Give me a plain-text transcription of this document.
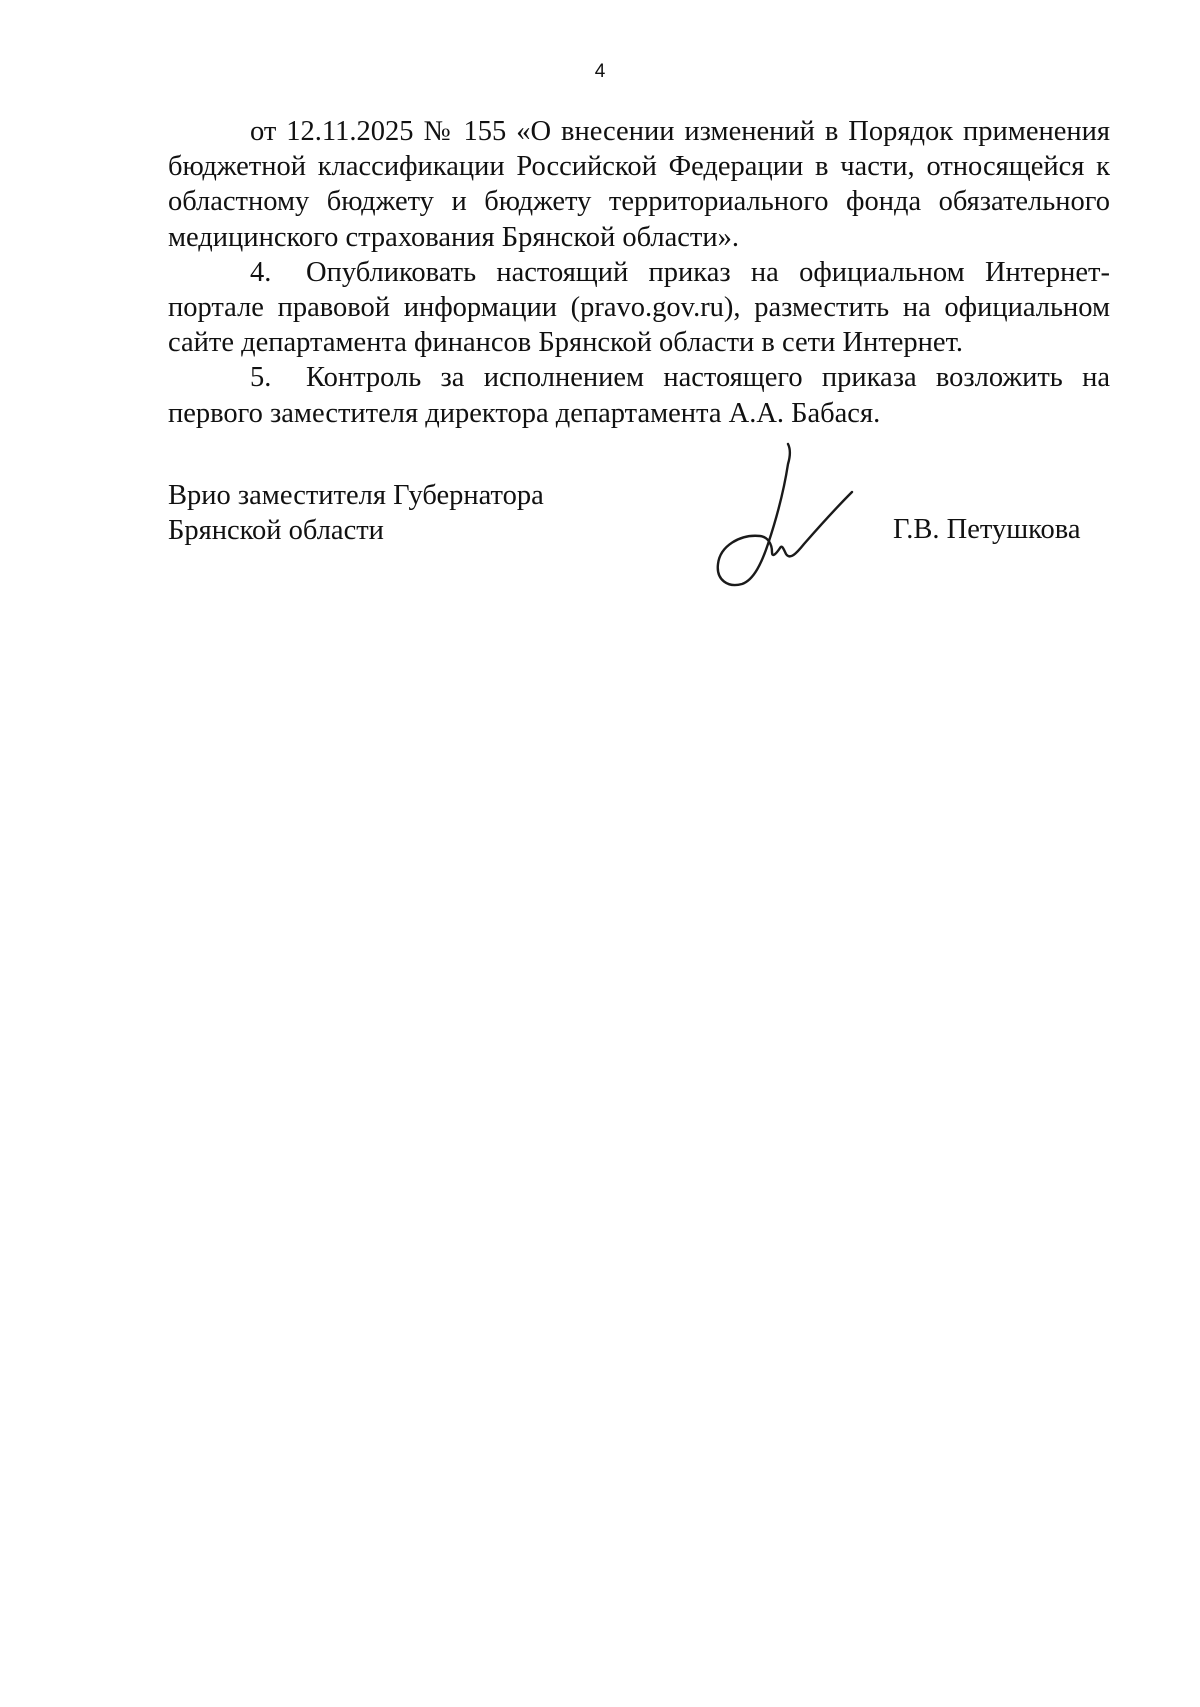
4

от 12.11.2025 № 155 «О внесении изменений в Порядок применения бюджетной классификации Российской Федерации в части, относящейся к областному бюджету и бюджету территориального фонда обязательного медицинского страхования Брянской области».

4. Опубликовать настоящий приказ на официальном Интернет-портале правовой информации (pravo.gov.ru), разместить на официальном сайте департамента финансов Брянской области в сети Интернет.

5. Контроль за исполнением настоящего приказа возложить на первого заместителя директора департамента А.А. Бабася.

Врио заместителя Губернатора
Брянской области	Г.В. Петушкова
